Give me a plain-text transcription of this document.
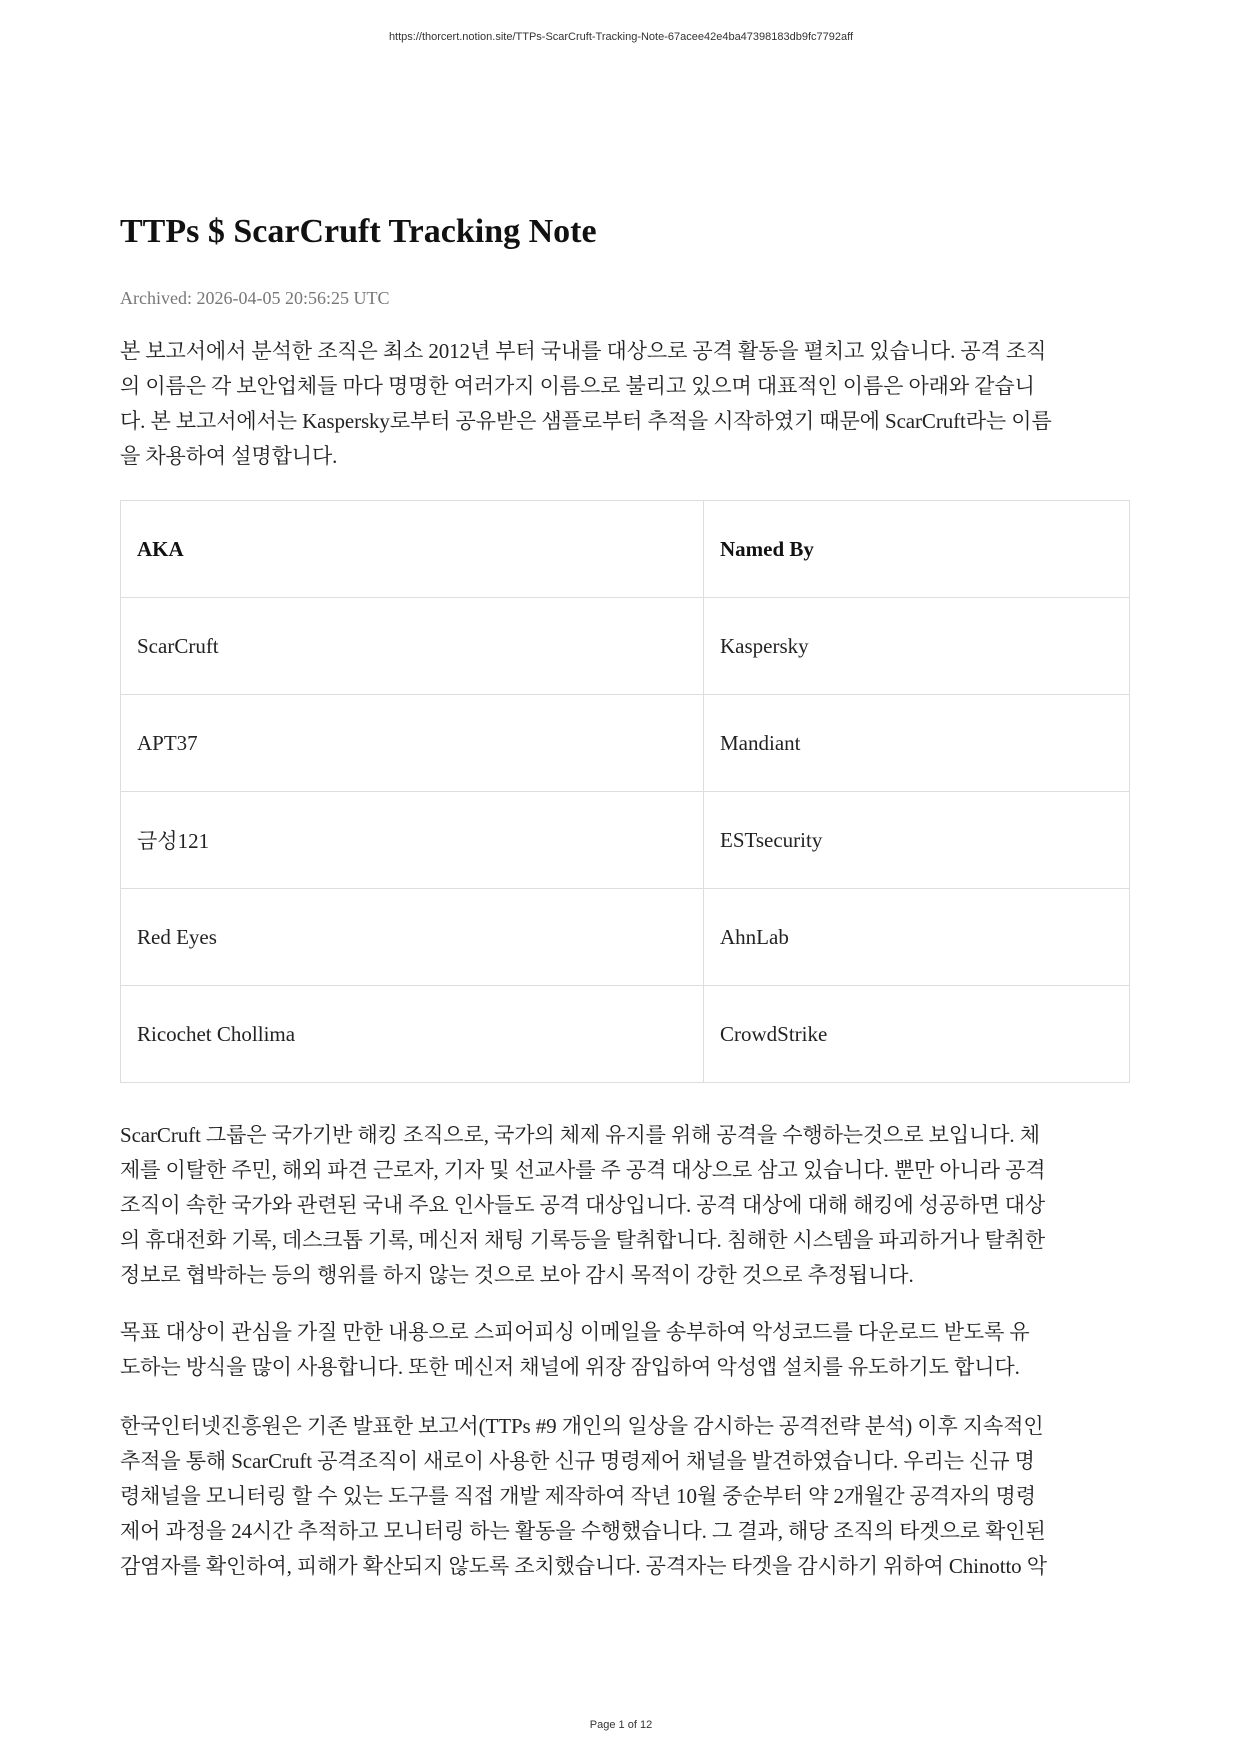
https://thorcert.notion.site/TTPs-ScarCruft-Tracking-Note-67acee42e4ba47398183db9fc7792aff
TTPs $ ScarCruft Tracking Note
Archived: 2026-04-05 20:56:25 UTC

본 보고서에서 분석한 조직은 최소 2012년 부터 국내를 대상으로 공격 활동을 펼치고 있습니다. 공격 조직
의 이름은 각 보안업체들 마다 명명한 여러가지 이름으로 불리고 있으며 대표적인 이름은 아래와 같습니
다. 본 보고서에서는 Kaspersky로부터 공유받은 샘플로부터 추적을 시작하였기 때문에 ScarCruft라는 이름
을 차용하여 설명합니다.

AKA	Named By
ScarCruft	Kaspersky
APT37	Mandiant
금성121	ESTsecurity
Red Eyes	AhnLab
Ricochet Chollima	CrowdStrike

ScarCruft 그룹은 국가기반 해킹 조직으로, 국가의 체제 유지를 위해 공격을 수행하는것으로 보입니다. 체
제를 이탈한 주민, 해외 파견 근로자, 기자 및 선교사를 주 공격 대상으로 삼고 있습니다. 뿐만 아니라 공격
조직이 속한 국가와 관련된 국내 주요 인사들도 공격 대상입니다. 공격 대상에 대해 해킹에 성공하면 대상
의 휴대전화 기록, 데스크톱 기록, 메신저 채팅 기록등을 탈취합니다. 침해한 시스템을 파괴하거나 탈취한
정보로 협박하는 등의 행위를 하지 않는 것으로 보아 감시 목적이 강한 것으로 추정됩니다.

목표 대상이 관심을 가질 만한 내용으로 스피어피싱 이메일을 송부하여 악성코드를 다운로드 받도록 유
도하는 방식을 많이 사용합니다. 또한 메신저 채널에 위장 잠입하여 악성앱 설치를 유도하기도 합니다.

한국인터넷진흥원은 기존 발표한 보고서(TTPs #9 개인의 일상을 감시하는 공격전략 분석) 이후 지속적인
추적을 통해 ScarCruft 공격조직이 새로이 사용한 신규 명령제어 채널을 발견하였습니다. 우리는 신규 명
령채널을 모니터링 할 수 있는 도구를 직접 개발 제작하여 작년 10월 중순부터 약 2개월간 공격자의 명령
제어 과정을 24시간 추적하고 모니터링 하는 활동을 수행했습니다. 그 결과, 해당 조직의 타겟으로 확인된
감염자를 확인하여, 피해가 확산되지 않도록 조치했습니다. 공격자는 타겟을 감시하기 위하여 Chinotto 악

Page 1 of 12
